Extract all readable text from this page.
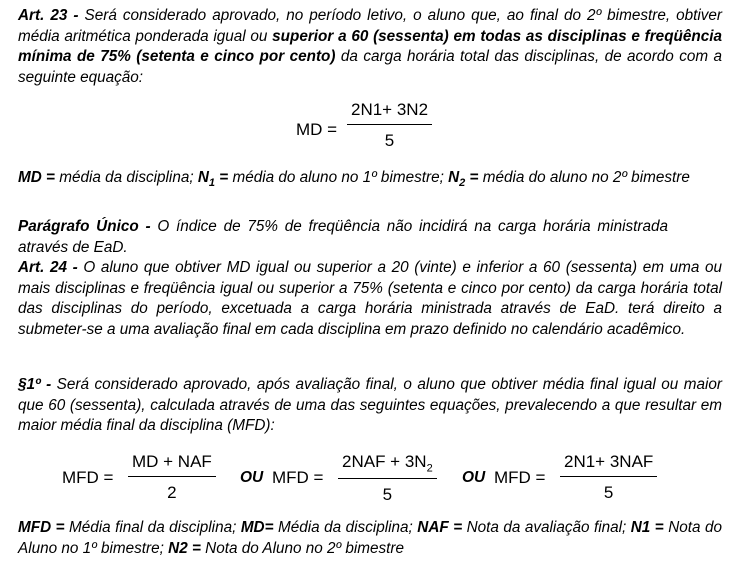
Art. 23 - Será considerado aprovado, no período letivo, o aluno que, ao final do 2º bimestre, obtiver média aritmética ponderada igual ou superior a 60 (sessenta) em todas as disciplinas e freqüência mínima de 75% (setenta e cinco por cento) da carga horária total das disciplinas, de acordo com a seguinte equação:

MD = $\frac{2N1+ 3N2}{5}$

MD = média da disciplina; $N_1$ = média do aluno no 1º bimestre; $N_2$ = média do aluno no 2º bimestre

Parágrafo Único - O índice de 75% de freqüência não incidirá na carga horária ministrada através de EaD.

Art. 24 - O aluno que obtiver MD igual ou superior a 20 (vinte) e inferior a 60 (sessenta) em uma ou mais disciplinas e freqüência igual ou superior a 75% (setenta e cinco por cento) da carga horária total das disciplinas do período, excetuada a carga horária ministrada através de EaD. terá direito a submeter-se a uma avaliação final em cada disciplina em prazo definido no calendário acadêmico.

§1º - Será considerado aprovado, após avaliação final, o aluno que obtiver média final igual ou maior que 60 (sessenta), calculada através de uma das seguintes equações, prevalecendo a que resultar em maior média final da disciplina (MFD):

MFD =
MD + NAF
2
OU MFD =
$2NAF + 3N_2$
5
OU MFD =
2N1+ 3NAF
5

MFD = Média final da disciplina; MD= Média da disciplina; NAF = Nota da avaliação final; N1 = Nota do Aluno no 1º bimestre; N2 = Nota do Aluno no 2º bimestre
